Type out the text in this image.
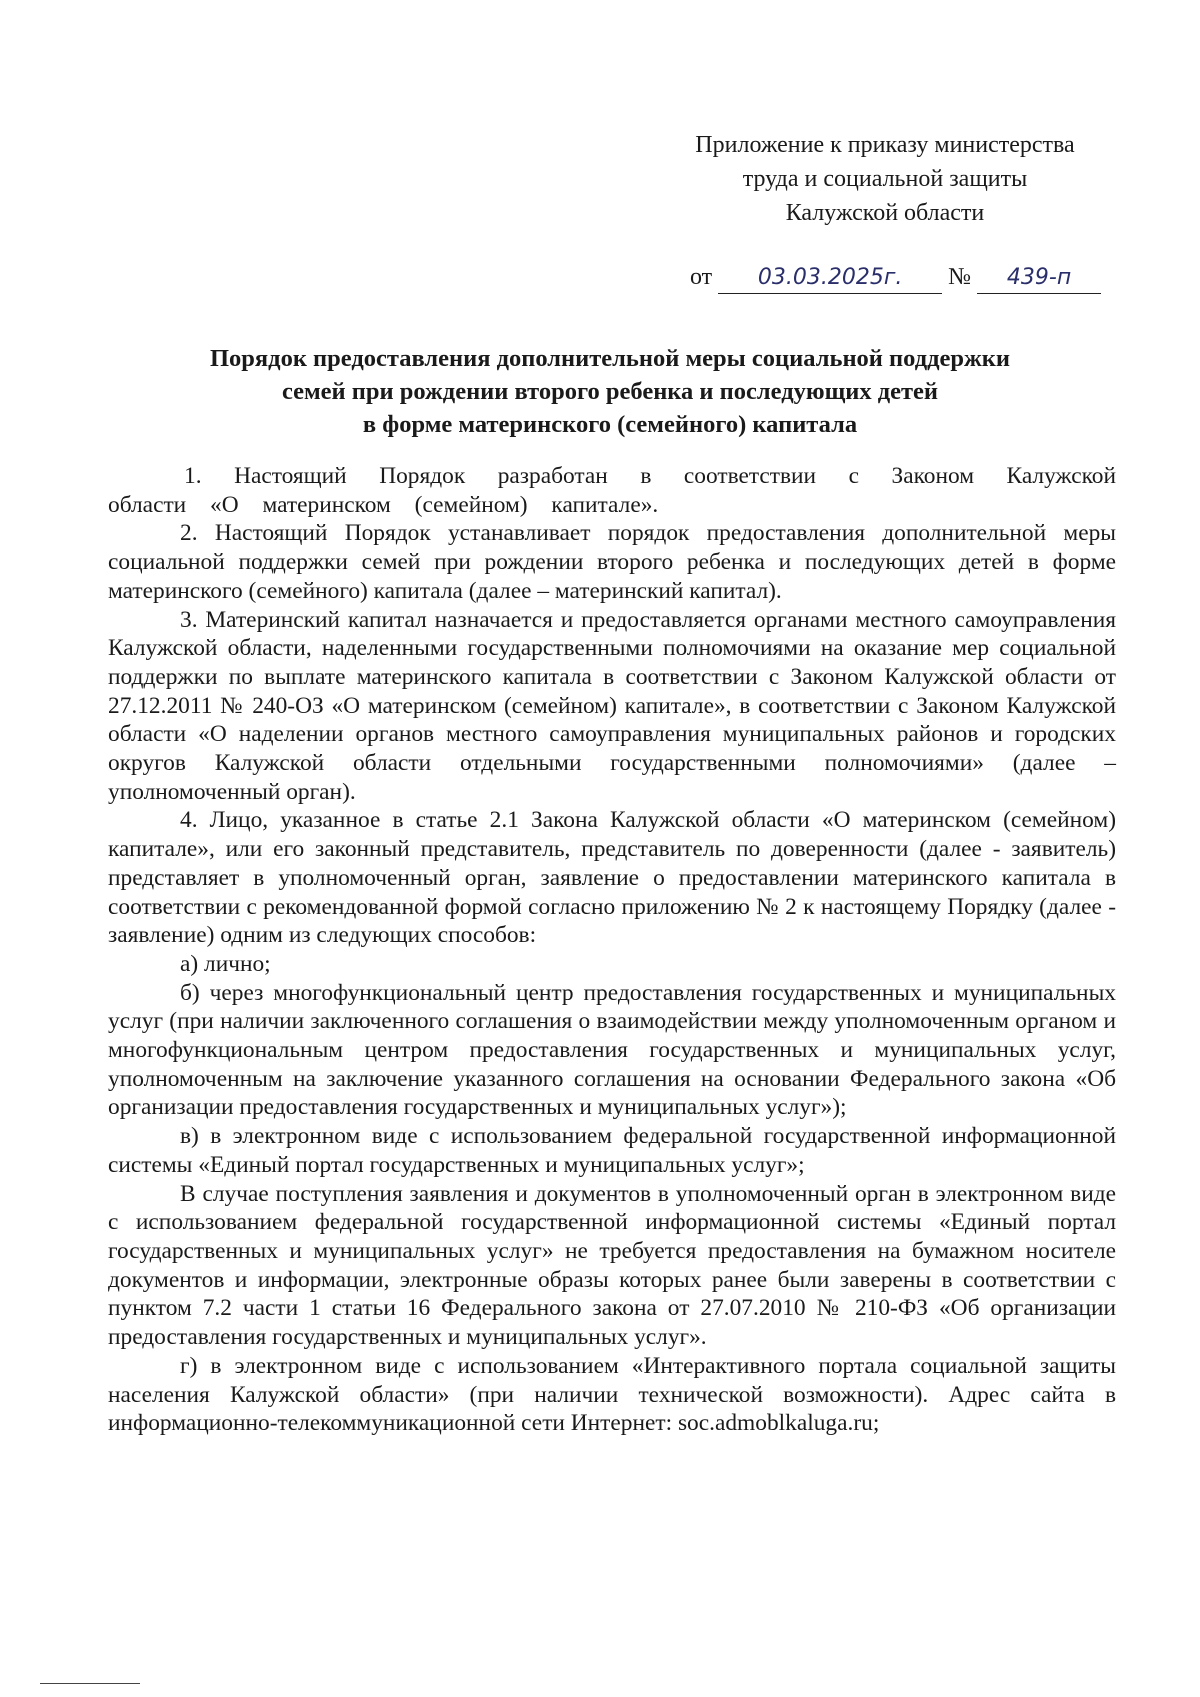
Приложение к приказу министерства
труда и социальной защиты
Калужской области
от 03.03.2025г. № 439-п
Порядок предоставления дополнительной меры социальной поддержки
семей при рождении второго ребенка и последующих детей
в форме материнского (семейного) капитала

1. Настоящий Порядок разработан в соответствии с Законом Калужской области «О материнском (семейном) капитале».

2. Настоящий Порядок устанавливает порядок предоставления дополнительной меры социальной поддержки семей при рождении второго ребенка и последующих детей в форме материнского (семейного) капитала (далее – материнский капитал).

3. Материнский капитал назначается и предоставляется органами местного самоуправления Калужской области, наделенными государственными полномочиями на оказание мер социальной поддержки по выплате материнского капитала в соответствии с Законом Калужской области от 27.12.2011 № 240-ОЗ «О материнском (семейном) капитале», в соответствии с Законом Калужской области «О наделении органов местного самоуправления муниципальных районов и городских округов Калужской области отдельными государственными полномочиями» (далее – уполномоченный орган).

4. Лицо, указанное в статье 2.1 Закона Калужской области «О материнском (семейном) капитале», или его законный представитель, представитель по доверенности (далее - заявитель) представляет в уполномоченный орган, заявление о предоставлении материнского капитала в соответствии с рекомендованной формой согласно приложению № 2 к настоящему Порядку (далее - заявление) одним из следующих способов:

а) лично;

б) через многофункциональный центр предоставления государственных и муниципальных услуг (при наличии заключенного соглашения о взаимодействии между уполномоченным органом и многофункциональным центром предоставления государственных и муниципальных услуг, уполномоченным на заключение указанного соглашения на основании Федерального закона «Об организации предоставления государственных и муниципальных услуг»);

в) в электронном виде с использованием федеральной государственной информационной системы «Единый портал государственных и муниципальных услуг»;

В случае поступления заявления и документов в уполномоченный орган в электронном виде с использованием федеральной государственной информационной системы «Единый портал государственных и муниципальных услуг» не требуется предоставления на бумажном носителе документов и информации, электронные образы которых ранее были заверены в соответствии с пунктом 7.2 части 1 статьи 16 Федерального закона от 27.07.2010 № 210-ФЗ «Об организации предоставления государственных и муниципальных услуг».

г) в электронном виде с использованием «Интерактивного портала социальной защиты населения Калужской области» (при наличии технической возможности). Адрес сайта в информационно-телекоммуникационной сети Интернет: soc.admoblkaluga.ru;
